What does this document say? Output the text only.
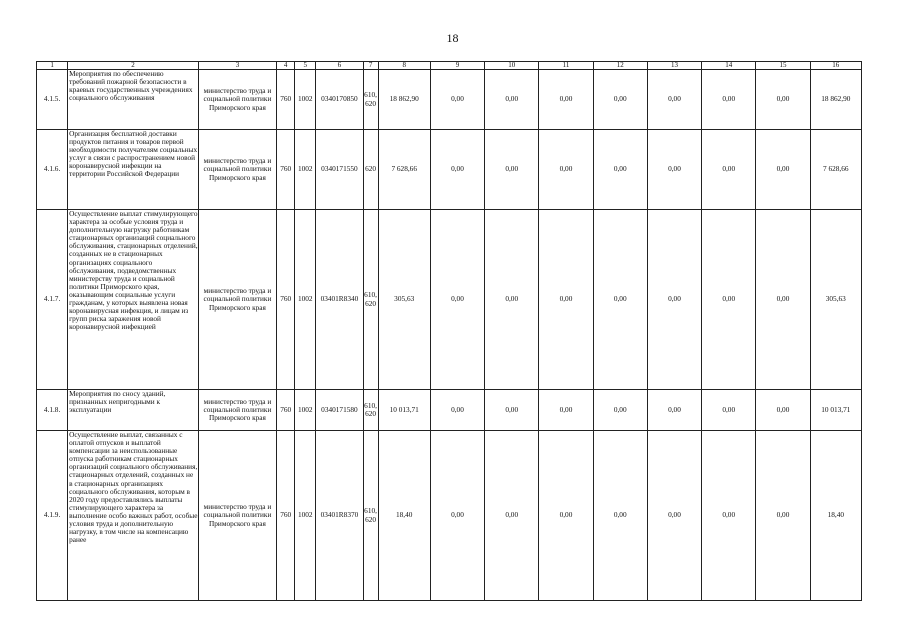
18
1	2	3	4	5	6	7	8	9	10	11	12	13	14	15	16
4.1.5.	Мероприятия по обеспечению требований пожарной безопасности в краевых государственных учреждениях социального обслуживания	министерство труда и социальной политики Приморского края	760	1002	0340170850	610, 620	18 862,90	0,00	0,00	0,00	0,00	0,00	0,00	0,00	18 862,90
4.1.6.	Организация бесплатной доставки продуктов питания и товаров первой необходимости получателям социальных услуг в связи с распространением новой коронавирусной инфекции на территории Российской Федерации	министерство труда и социальной политики Приморского края	760	1002	0340171550	620	7 628,66	0,00	0,00	0,00	0,00	0,00	0,00	0,00	7 628,66
4.1.7.	Осуществление выплат стимулирующего характера за особые условия труда и дополнительную нагрузку работникам стационарных организаций социального обслуживания, стационарных отделений, созданных не в стационарных организациях социального обслуживания, подведомственных министерству труда и социальной политики Приморского края, оказывающим социальные услуги гражданам, у которых выявлена новая коронавирусная инфекция, и лицам из групп риска заражения новой коронавирусной инфекцией	министерство труда и социальной политики Приморского края	760	1002	03401R8340	610, 620	305,63	0,00	0,00	0,00	0,00	0,00	0,00	0,00	305,63
4.1.8.	Мероприятия по сносу зданий, признанных непригодными к эксплуатации	министерство труда и социальной политики Приморского края	760	1002	0340171580	610, 620	10 013,71	0,00	0,00	0,00	0,00	0,00	0,00	0,00	10 013,71
4.1.9.	Осуществление выплат, связанных с оплатой отпусков и выплатой компенсации за неиспользованные отпуска работникам стационарных организаций социального обслуживания, стационарных отделений, созданных не в стационарных организациях социального обслуживания, которым в 2020 году предоставлялись выплаты стимулирующего характера за выполнение особо важных работ, особые условия труда и дополнительную нагрузку, в том числе на компенсацию ранее	министерство труда и социальной политики Приморского края	760	1002	03401R8370	610, 620	18,40	0,00	0,00	0,00	0,00	0,00	0,00	0,00	18,40
